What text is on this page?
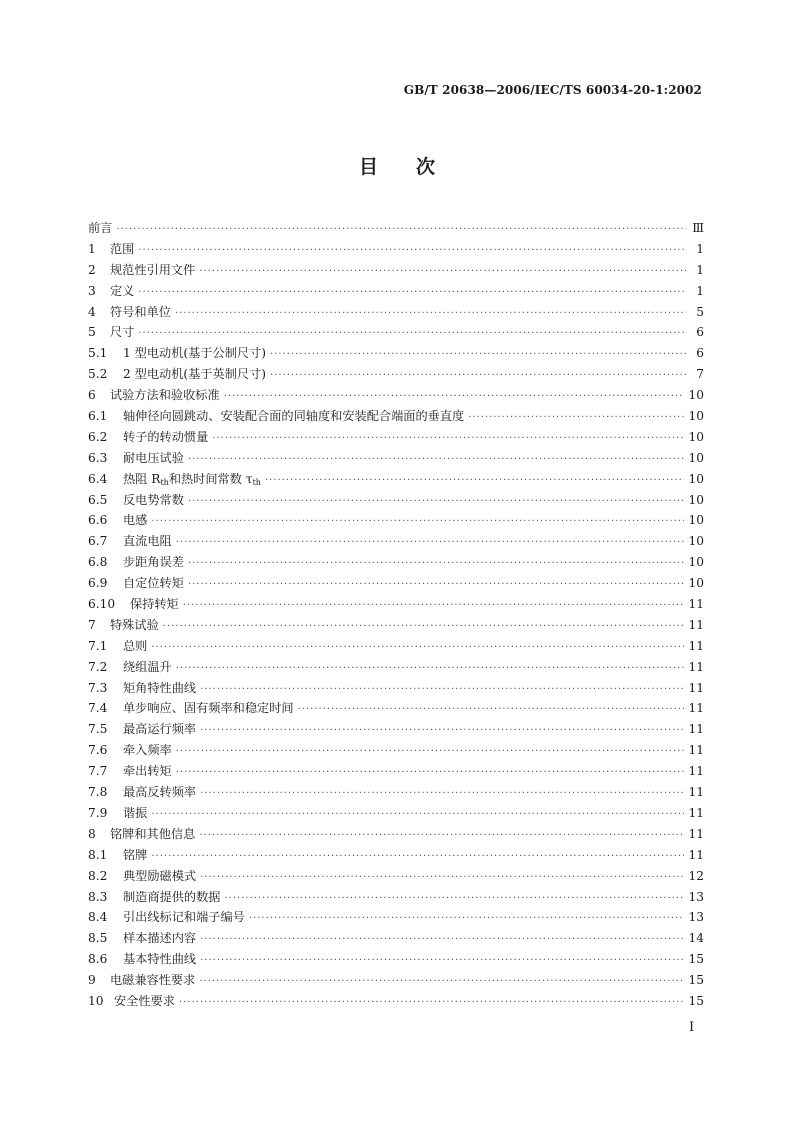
GB/T 20638—2006/IEC/TS 60034-20-1:2002
目次
前言 ·····	Ⅲ
1	范围 ·····	1
2	规范性引用文件 ·····	1
3	定义 ·····	1
4	符号和单位 ·····	5
5	尺寸 ·····	6
5.1	1 型电动机(基于公制尺寸) ·····	6
5.2	2 型电动机(基于英制尺寸) ·····	7
6	试验方法和验收标准 ·····	10
6.1	轴伸径向圆跳动、安装配合面的同轴度和安装配合端面的垂直度 ·····	10
6.2	转子的转动惯量 ·····	10
6.3	耐电压试验 ·····	10
6.4	热阻 $R_{th}$和热时间常数 $\tau_{th}$ ·····	10
6.5	反电势常数 ·····	10
6.6	电感 ·····	10
6.7	直流电阻 ·····	10
6.8	步距角误差 ·····	10
6.9	自定位转矩 ·····	10
6.10	保持转矩 ·····	11
7	特殊试验 ·····	11
7.1	总则 ·····	11
7.2	绕组温升 ·····	11
7.3	矩角特性曲线 ·····	11
7.4	单步响应、固有频率和稳定时间 ·····	11
7.5	最高运行频率 ·····	11
7.6	牵入频率 ·····	11
7.7	牵出转矩 ·····	11
7.8	最高反转频率 ·····	11
7.9	谐振 ·····	11
8	铭牌和其他信息 ·····	11
8.1	铭牌 ·····	11
8.2	典型励磁模式 ·····	12
8.3	制造商提供的数据 ·····	13
8.4	引出线标记和端子编号 ·····	13
8.5	样本描述内容 ·····	14
8.6	基本特性曲线 ·····	15
9	电磁兼容性要求 ·····	15
10 安全性要求 ·····	15
I
